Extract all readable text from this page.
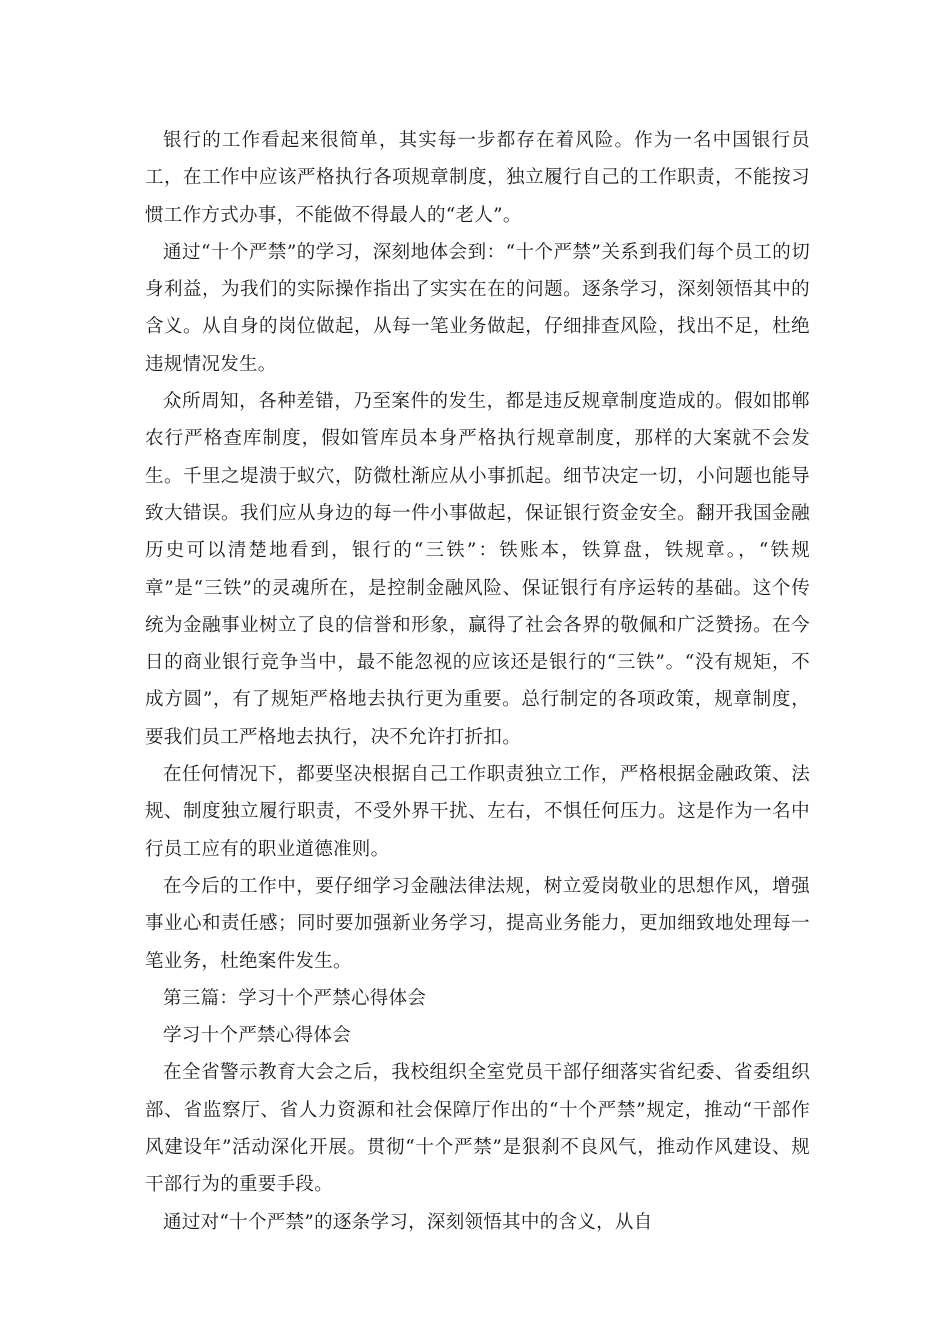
银行的工作看起来很简单，其实每一步都存在着风险。作为一名中国银行员工，在工作中应该严格执行各项规章制度，独立履行自己的工作职责，不能按习惯工作方式办事，不能做不得最人的“老人”。

通过“十个严禁”的学习，深刻地体会到：“十个严禁”关系到我们每个员工的切身利益，为我们的实际操作指出了实实在在的问题。逐条学习，深刻领悟其中的含义。从自身的岗位做起，从每一笔业务做起，仔细排查风险，找出不足，杜绝违规情况发生。

众所周知，各种差错，乃至案件的发生，都是违反规章制度造成的。假如邯郸农行严格查库制度，假如管库员本身严格执行规章制度，那样的大案就不会发生。千里之堤溃于蚁穴，防微杜渐应从小事抓起。细节决定一切，小问题也能导致大错误。我们应从身边的每一件小事做起，保证银行资金安全。翻开我国金融历史可以清楚地看到，银行的“三铁”：铁账本，铁算盘，铁规章。，“铁规章”是“三铁”的灵魂所在，是控制金融风险、保证银行有序运转的基础。这个传统为金融事业树立了良的信誉和形象，赢得了社会各界的敬佩和广泛赞扬。在今日的商业银行竞争当中，最不能忽视的应该还是银行的“三铁”。“没有规矩，不成方圆”，有了规矩严格地去执行更为重要。总行制定的各项政策，规章制度，要我们员工严格地去执行，决不允许打折扣。

在任何情况下，都要坚决根据自己工作职责独立工作，严格根据金融政策、法规、制度独立履行职责，不受外界干扰、左右，不惧任何压力。这是作为一名中行员工应有的职业道德准则。

在今后的工作中，要仔细学习金融法律法规，树立爱岗敬业的思想作风，增强事业心和责任感；同时要加强新业务学习，提高业务能力，更加细致地处理每一笔业务，杜绝案件发生。

第三篇：学习十个严禁心得体会

学习十个严禁心得体会

在全省警示教育大会之后，我校组织全室党员干部仔细落实省纪委、省委组织部、省监察厅、省人力资源和社会保障厅作出的“十个严禁”规定，推动“干部作风建设年”活动深化开展。贯彻“十个严禁”是狠刹不良风气，推动作风建设、规干部行为的重要手段。

通过对“十个严禁”的逐条学习，深刻领悟其中的含义，从自
